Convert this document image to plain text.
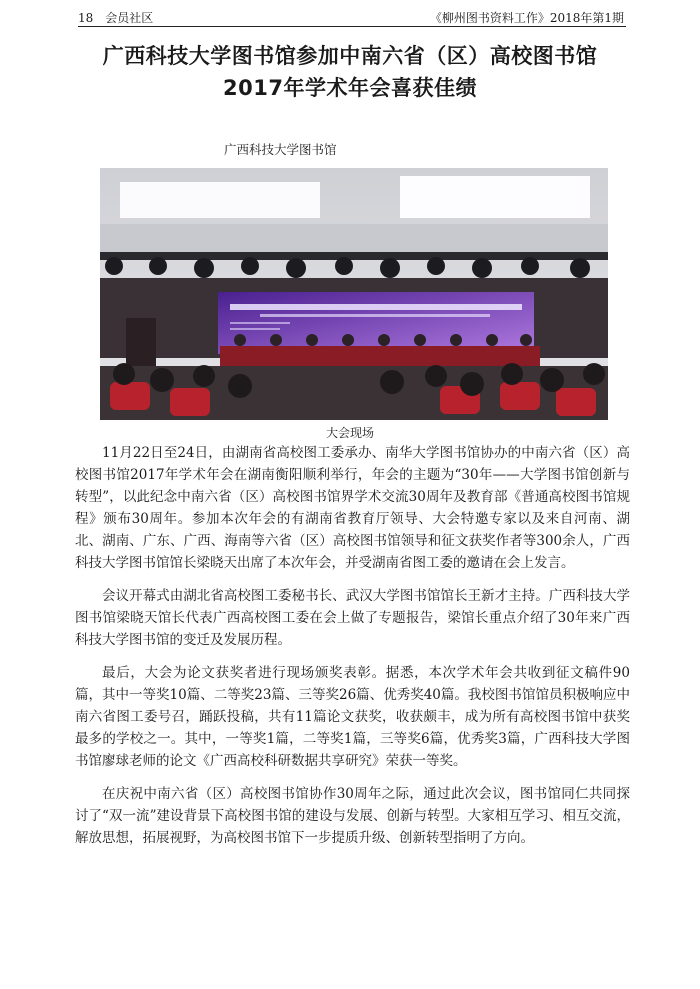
18　会员社区	《柳州图书资料工作》2018年第1期
广西科技大学图书馆参加中南六省（区）高校图书馆
2017年学术年会喜获佳绩
广西科技大学图书馆
大会现场

11月22日至24日，由湖南省高校图工委承办、南华大学图书馆协办的中南六省（区）高校图书馆2017年学术年会在湖南衡阳顺利举行，年会的主题为“30年——大学图书馆创新与转型”，以此纪念中南六省（区）高校图书馆界学术交流30周年及教育部《普通高校图书馆规程》颁布30周年。参加本次年会的有湖南省教育厅领导、大会特邀专家以及来自河南、湖北、湖南、广东、广西、海南等六省（区）高校图书馆领导和征文获奖作者等300余人，广西科技大学图书馆馆长梁晓天出席了本次年会，并受湖南省图工委的邀请在会上发言。

会议开幕式由湖北省高校图工委秘书长、武汉大学图书馆馆长王新才主持。广西科技大学图书馆梁晓天馆长代表广西高校图工委在会上做了专题报告，梁馆长重点介绍了30年来广西科技大学图书馆的变迁及发展历程。

最后，大会为论文获奖者进行现场颁奖表彰。据悉，本次学术年会共收到征文稿件90篇，其中一等奖10篇、二等奖23篇、三等奖26篇、优秀奖40篇。我校图书馆馆员积极响应中南六省图工委号召，踊跃投稿，共有11篇论文获奖，收获颇丰，成为所有高校图书馆中获奖最多的学校之一。其中，一等奖1篇，二等奖1篇，三等奖6篇，优秀奖3篇，广西科技大学图书馆廖球老师的论文《广西高校科研数据共享研究》荣获一等奖。

在庆祝中南六省（区）高校图书馆协作30周年之际，通过此次会议，图书馆同仁共同探讨了“双一流”建设背景下高校图书馆的建设与发展、创新与转型。大家相互学习、相互交流，解放思想，拓展视野，为高校图书馆下一步提质升级、创新转型指明了方向。
